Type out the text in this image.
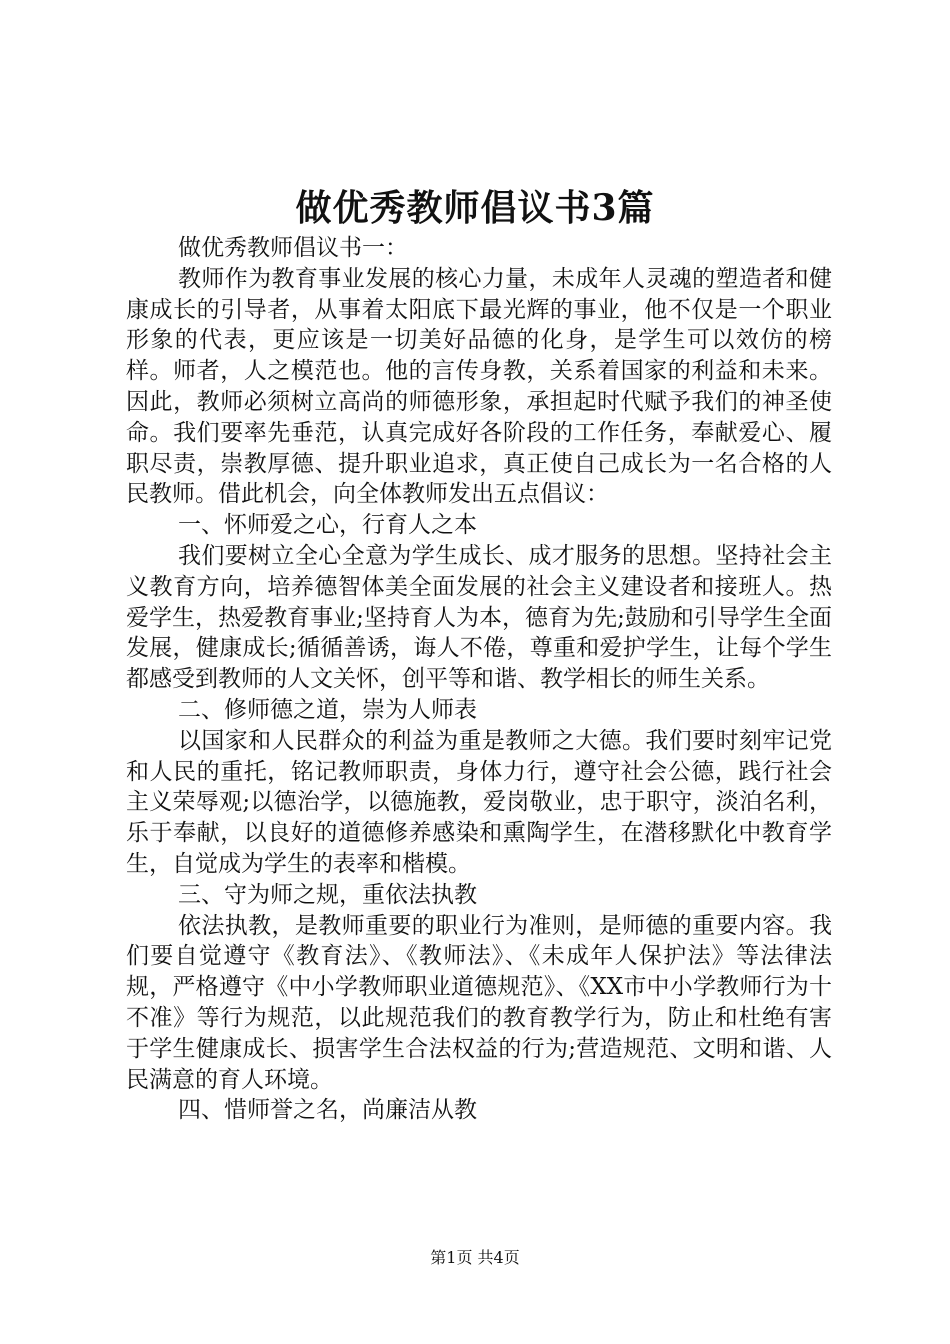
做优秀教师倡议书3篇

做优秀教师倡议书一：

教师作为教育事业发展的核心力量，未成年人灵魂的塑造者和健康成长的引导者，从事着太阳底下最光辉的事业，他不仅是一个职业形象的代表，更应该是一切美好品德的化身，是学生可以效仿的榜样。师者，人之模范也。他的言传身教，关系着国家的利益和未来。因此，教师必须树立高尚的师德形象，承担起时代赋予我们的神圣使命。我们要率先垂范，认真完成好各阶段的工作任务，奉献爱心、履职尽责，崇教厚德、提升职业追求，真正使自己成长为一名合格的人民教师。借此机会，向全体教师发出五点倡议：

一、怀师爱之心，行育人之本

我们要树立全心全意为学生成长、成才服务的思想。坚持社会主义教育方向，培养德智体美全面发展的社会主义建设者和接班人。热爱学生，热爱教育事业;坚持育人为本，德育为先;鼓励和引导学生全面发展，健康成长;循循善诱，诲人不倦，尊重和爱护学生，让每个学生都感受到教师的人文关怀，创平等和谐、教学相长的师生关系。

二、修师德之道，崇为人师表

以国家和人民群众的利益为重是教师之大德。我们要时刻牢记党和人民的重托，铭记教师职责，身体力行，遵守社会公德，践行社会主义荣辱观;以德治学，以德施教，爱岗敬业，忠于职守，淡泊名利，乐于奉献，以良好的道德修养感染和熏陶学生，在潜移默化中教育学生，自觉成为学生的表率和楷模。

三、守为师之规，重依法执教

依法执教，是教师重要的职业行为准则，是师德的重要内容。我们要自觉遵守《教育法》、《教师法》、《未成年人保护法》等法律法规，严格遵守《中小学教师职业道德规范》、《XX市中小学教师行为十不准》等行为规范，以此规范我们的教育教学行为，防止和杜绝有害于学生健康成长、损害学生合法权益的行为;营造规范、文明和谐、人民满意的育人环境。

四、惜师誉之名，尚廉洁从教

第1页 共4页
